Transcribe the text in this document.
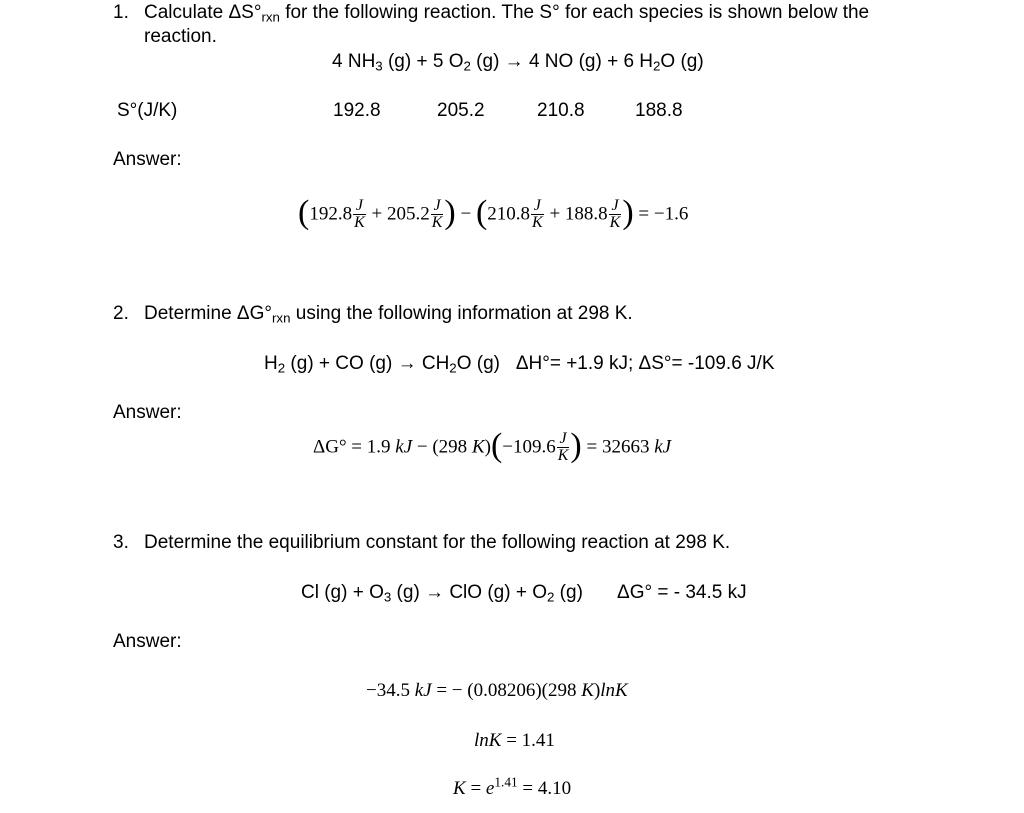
1. Calculate $\Delta S^\circ_{rxn}$ for the following reaction. The S° for each species is shown below the
reaction.
4 $NH_3$ (g) + 5 $O_2$ (g) → 4 NO (g) + 6 $H_2O$ (g)
S°(J/K)	192.8	205.2	210.8	188.8
Answer:
($192.8 \frac{J}{K} + 205.2 \frac{J}{K}$ ) − ($210.8 \frac{J}{K} + 188.8 \frac{J}{K}$ ) = −1.6
2. Determine $\Delta G^\circ_{rxn}$ using the following information at 298 K.
$H_2$ (g) + CO $(g) \to CH_2O$ (g)   ΔH°= +1.9 kJ; ΔS°= -109.6 J/K
Answer:
ΔG° = 1.9 kJ − (298 $K)(-109.6 \frac{J}{K}$ ) = 32663 kJ
3. Determine the equilibrium constant for the following reaction at 298 K.
Cl $(g) + O_3$ (g) → ClO $(g) + O_2$ (g) ΔG° = - 34.5 kJ
Answer:
−34.5 kJ = − (0.08206)(298 K)lnK
lnK = 1.41
$K = e^{1.41} = 4.10$
